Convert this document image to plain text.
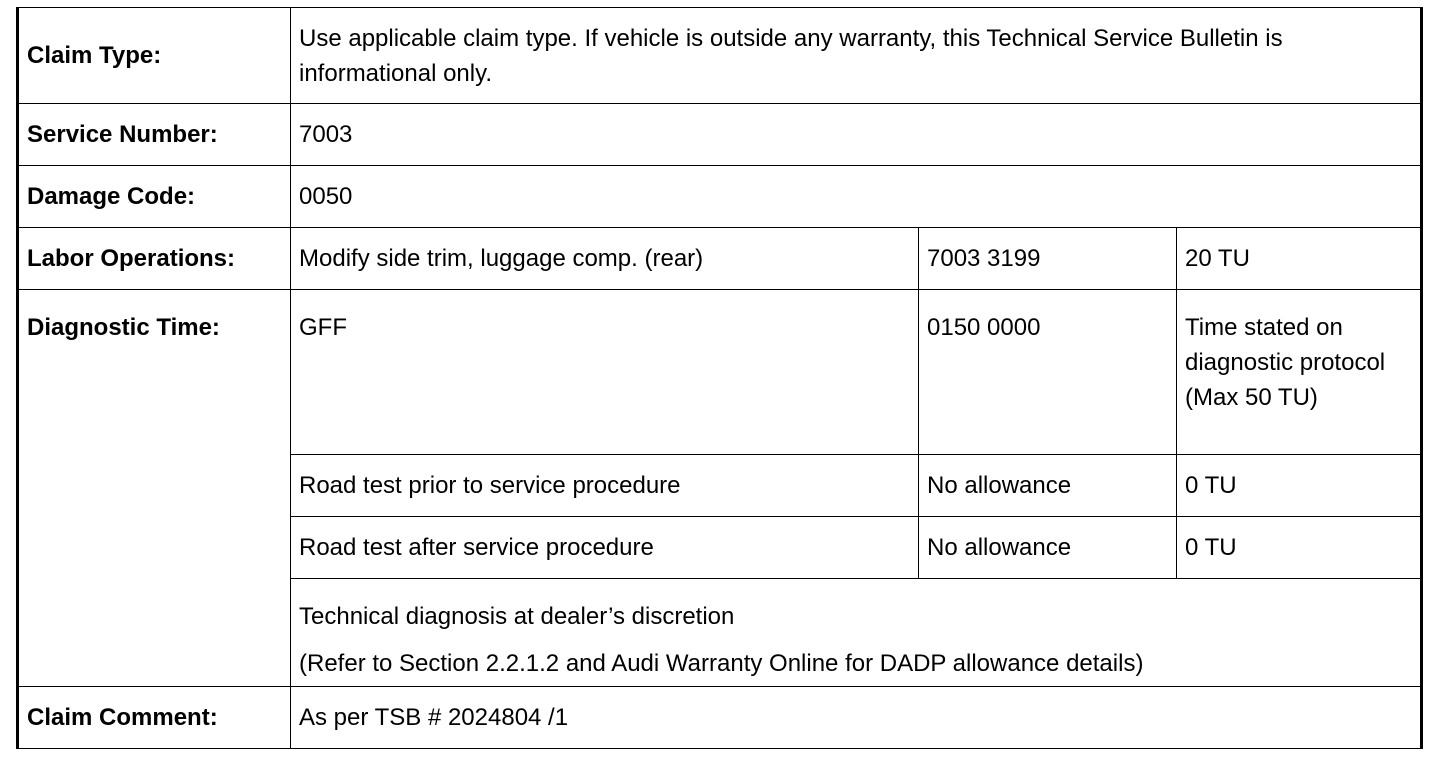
Claim Type:	Use applicable claim type. If vehicle is outside any warranty, this Technical Service Bulletin is informational only.		
Service Number:	7003		
Damage Code:	0050		
Labor Operations:	Modify side trim, luggage comp. (rear)	7003 3199	20 TU
Diagnostic Time:	GFF	0150 0000	Time stated on diagnostic protocol (Max 50 TU)
	Road test prior to service procedure	No allowance	0 TU
	Road test after service procedure	No allowance	0 TU

	Technical diagnosis at dealer’s discretion
(Refer to Section 2.2.1.2 and Audi Warranty Online for DADP allowance details)		

Claim Comment:	As per TSB # 2024804 /1		
